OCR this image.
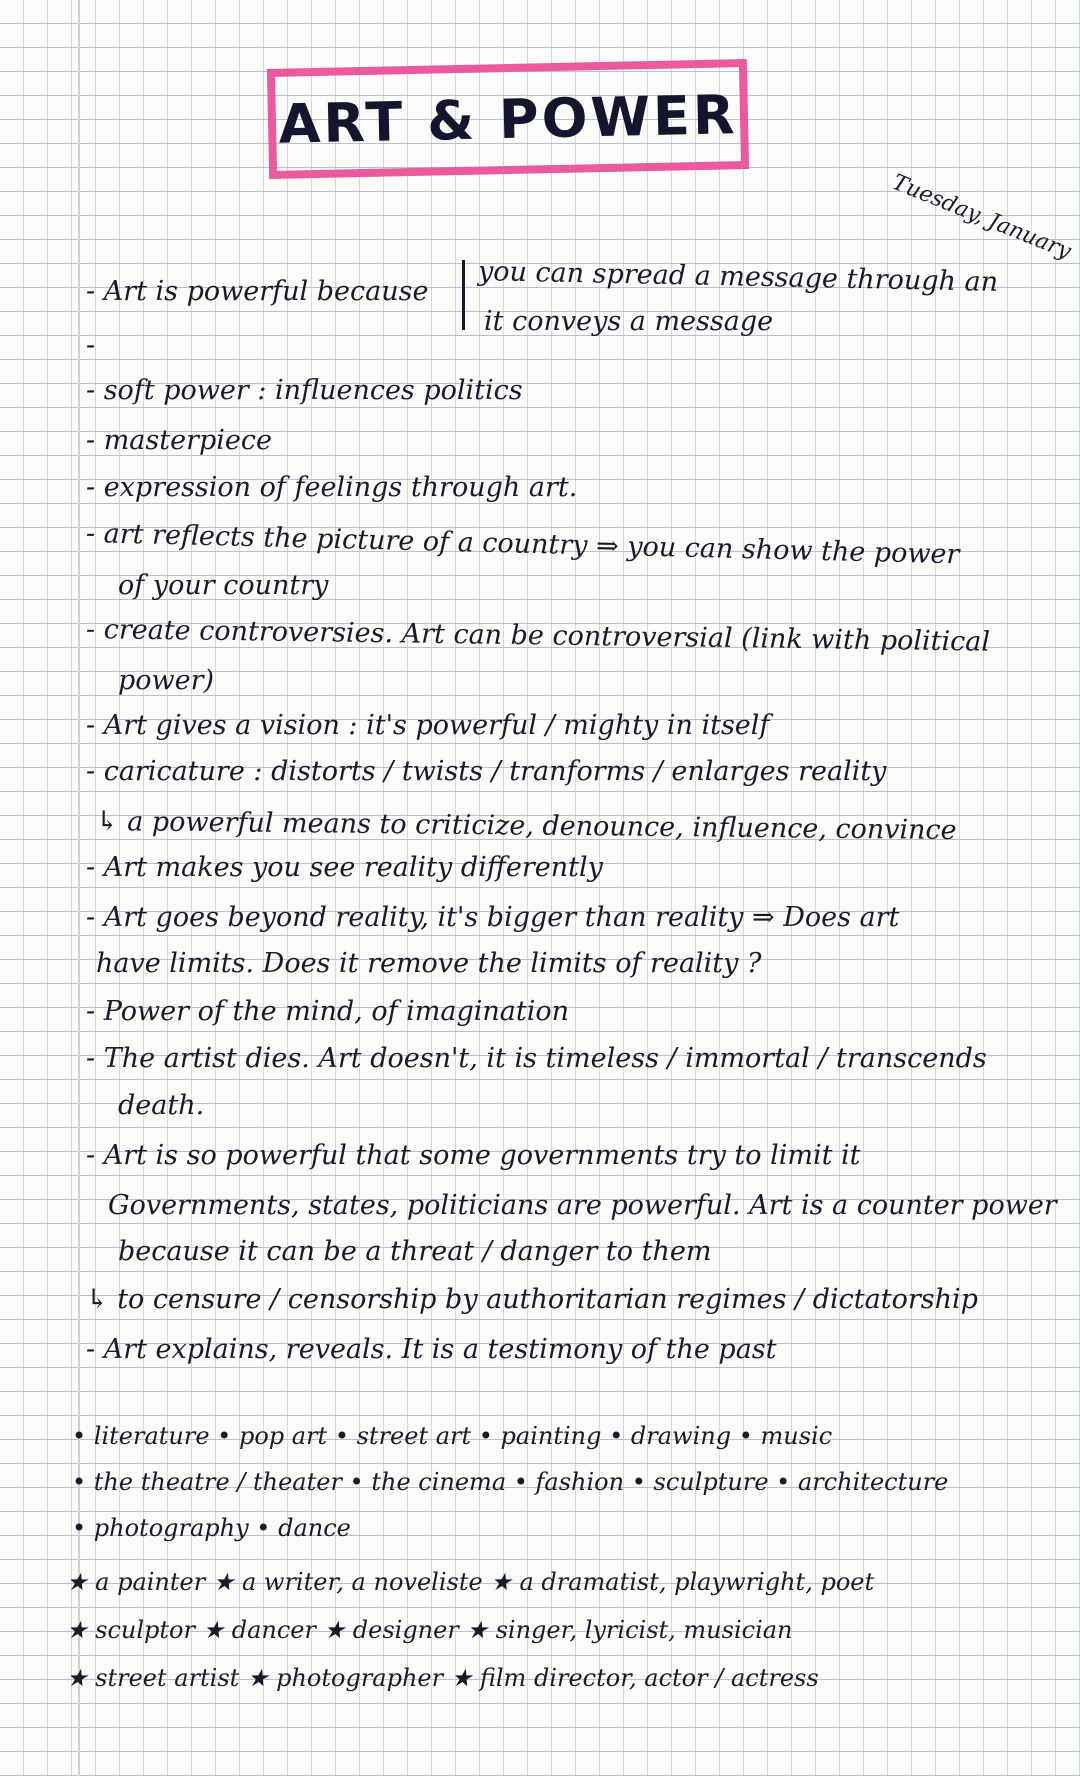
ART & POWER
Tuesday, January
- Art is powerful because you can spread a message through an
it conveys a message
-
- soft power : influences politics
- masterpiece
- expression of feelings through art.
- art reflects the picture of a country ⇒ you can show the power
of your country
- create controversies. Art can be controversial (link with political
power)
- Art gives a vision : it's powerful / mighty in itself
- caricature : distorts / twists / tranforms / enlarges reality
↳ a powerful means to criticize, denounce, influence, convince
- Art makes you see reality differently
- Art goes beyond reality, it's bigger than reality ⇒ Does art
have limits. Does it remove the limits of reality ?
- Power of the mind, of imagination
- The artist dies. Art doesn't, it is timeless / immortal / transcends
death.
- Art is so powerful that some governments try to limit it
Governments, states, politicians are powerful. Art is a counter power
because it can be a threat / danger to them
↳ to censure / censorship by authoritarian regimes / dictatorship
- Art explains, reveals. It is a testimony of the past
• literature • pop art • street art • painting • drawing • music
• the theatre / theater • the cinema • fashion • sculpture • architecture
• photography • dance
★ a painter ★ a writer, a noveliste ★ a dramatist, playwright, poet
★ sculptor ★ dancer ★ designer ★ singer, lyricist, musician
★ street artist ★ photographer ★ film director, actor / actress
